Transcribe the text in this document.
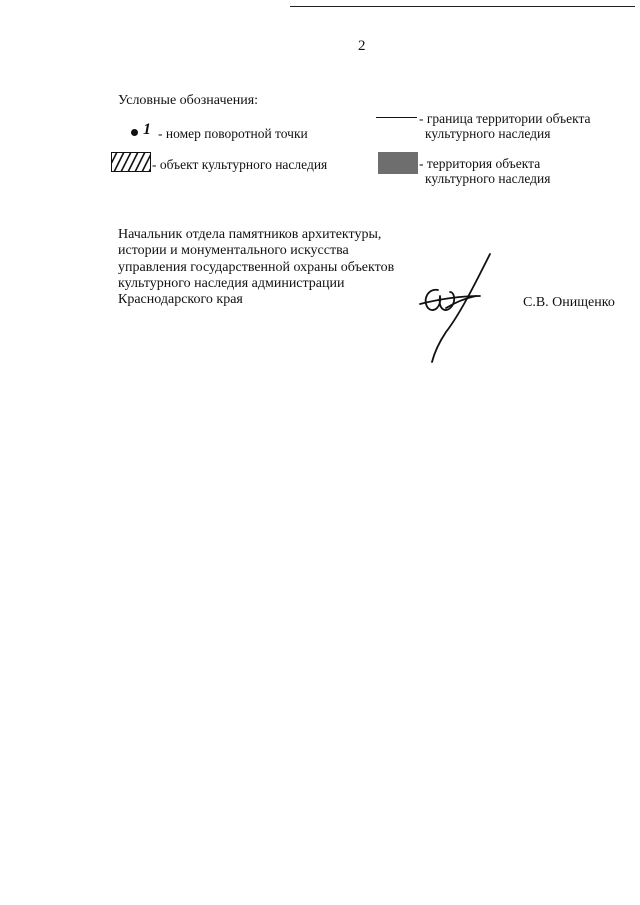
2
Условные обозначения:
1 - номер поворотной точки
- объект культурного наследия
- граница территории объекта
культурного наследия
- территория объекта
культурного наследия
Начальник отдела памятников архитектуры,
истории и монументального искусства
управления государственной охраны объектов
культурного наследия администрации
Краснодарского края	С.В. Онищенко
